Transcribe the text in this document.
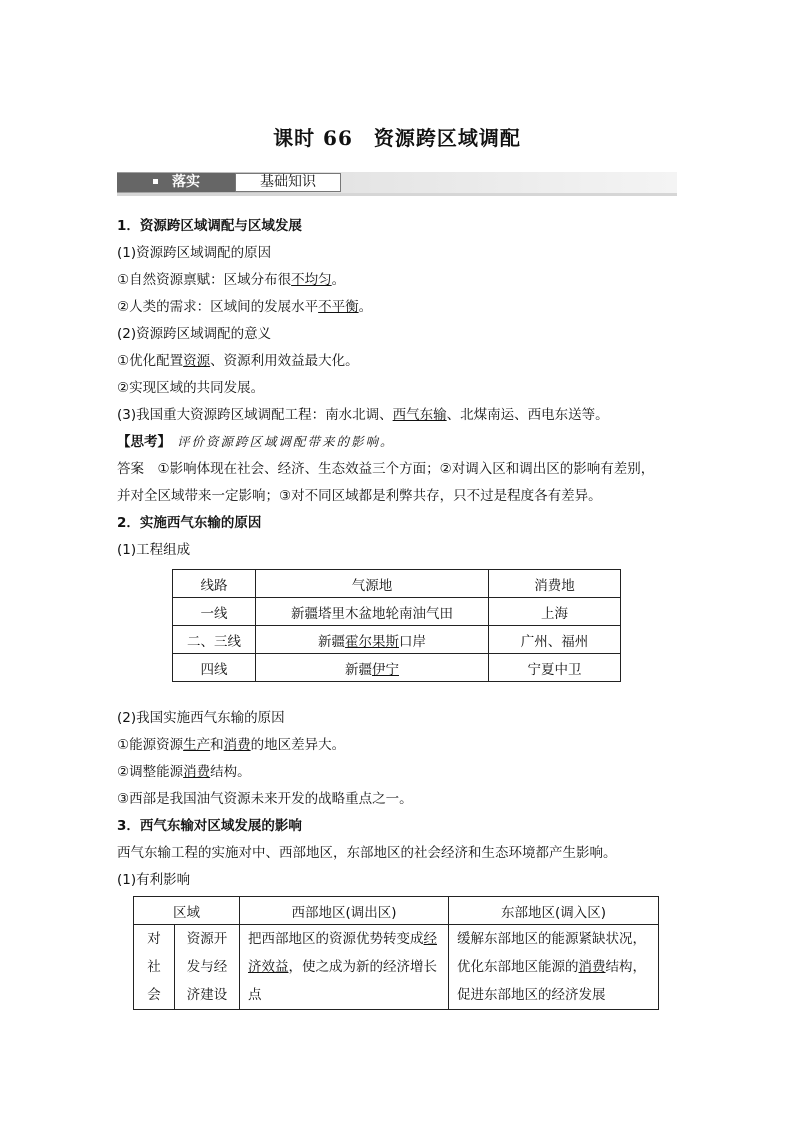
课时 66　资源跨区域调配
落实	基础知识
1．资源跨区域调配与区域发展
(1)资源跨区域调配的原因
①自然资源禀赋：区域分布很不均匀。
②人类的需求：区域间的发展水平不平衡。
(2)资源跨区域调配的意义
①优化配置资源、资源利用效益最大化。
②实现区域的共同发展。
(3)我国重大资源跨区域调配工程：南水北调、西气东输、北煤南运、西电东送等。
【思考】 评价资源跨区域调配带来的影响。
答案　①影响体现在社会、经济、生态效益三个方面；②对调入区和调出区的影响有差别，
并对全区域带来一定影响；③对不同区域都是利弊共存，只不过是程度各有差异。
2．实施西气东输的原因
(1)工程组成
线路	气源地	消费地
一线	新疆塔里木盆地轮南油气田	上海
二、三线	新疆霍尔果斯口岸	广州、福州
四线	新疆伊宁	宁夏中卫
(2)我国实施西气东输的原因
①能源资源生产和消费的地区差异大。
②调整能源消费结构。
③西部是我国油气资源未来开发的战略重点之一。
3．西气东输对区域发展的影响
西气东输工程的实施对中、西部地区，东部地区的社会经济和生态环境都产生影响。
(1)有利影响
区域		西部地区(调出区)	东部地区(调入区)

对社会	资源开
发与经
济建设	把西部地区的资源优势转变成经济效益，使之成为新的经济增长点	缓解东部地区的能源紧缺状况，优化东部地区能源的消费结构，促进东部地区的经济发展
